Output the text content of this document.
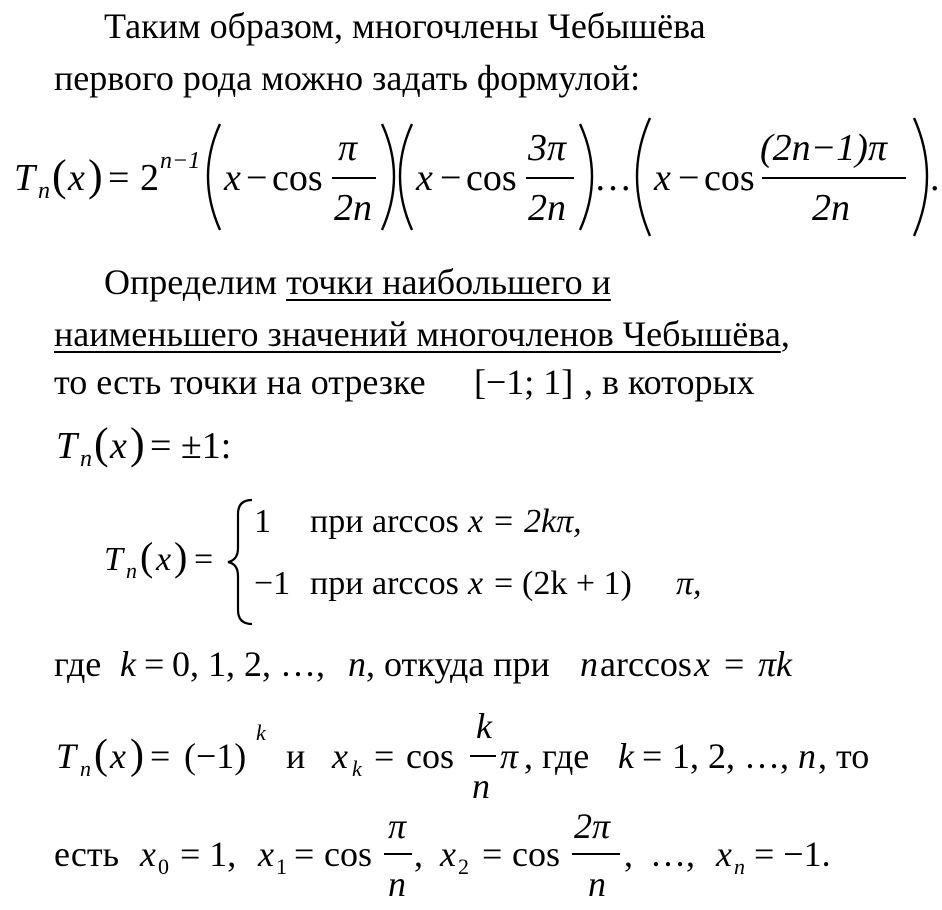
Таким образом, многочлены Чебышёва
первого рода можно задать формулой:
Определим точки наибольшего и
наименьшего значений многочленов Чебышёва,
T n ( x ) = 2 n−1 x − cos
π
2n
x − cos
3π
2n
… x − cos
(2n−1)π
2n
.
то есть точки на отрезке [−1; 1] , в которых
T n ( x ) = ±1:
T n ( x ) =
1 при arccos x = 2kπ,
−1 при arccos x = (2k + 1) π,
где k = 0, 1, 2, …, n , откуда при n arccos x = πk
T n ( x ) = (−1)
k
и x k = cos
k
n
π , где k = 1, 2, …, n , то
есть x 0 = 1, x 1 = cos
π
n
, x 2 = cos
2π
n
, …, x n = −1.
